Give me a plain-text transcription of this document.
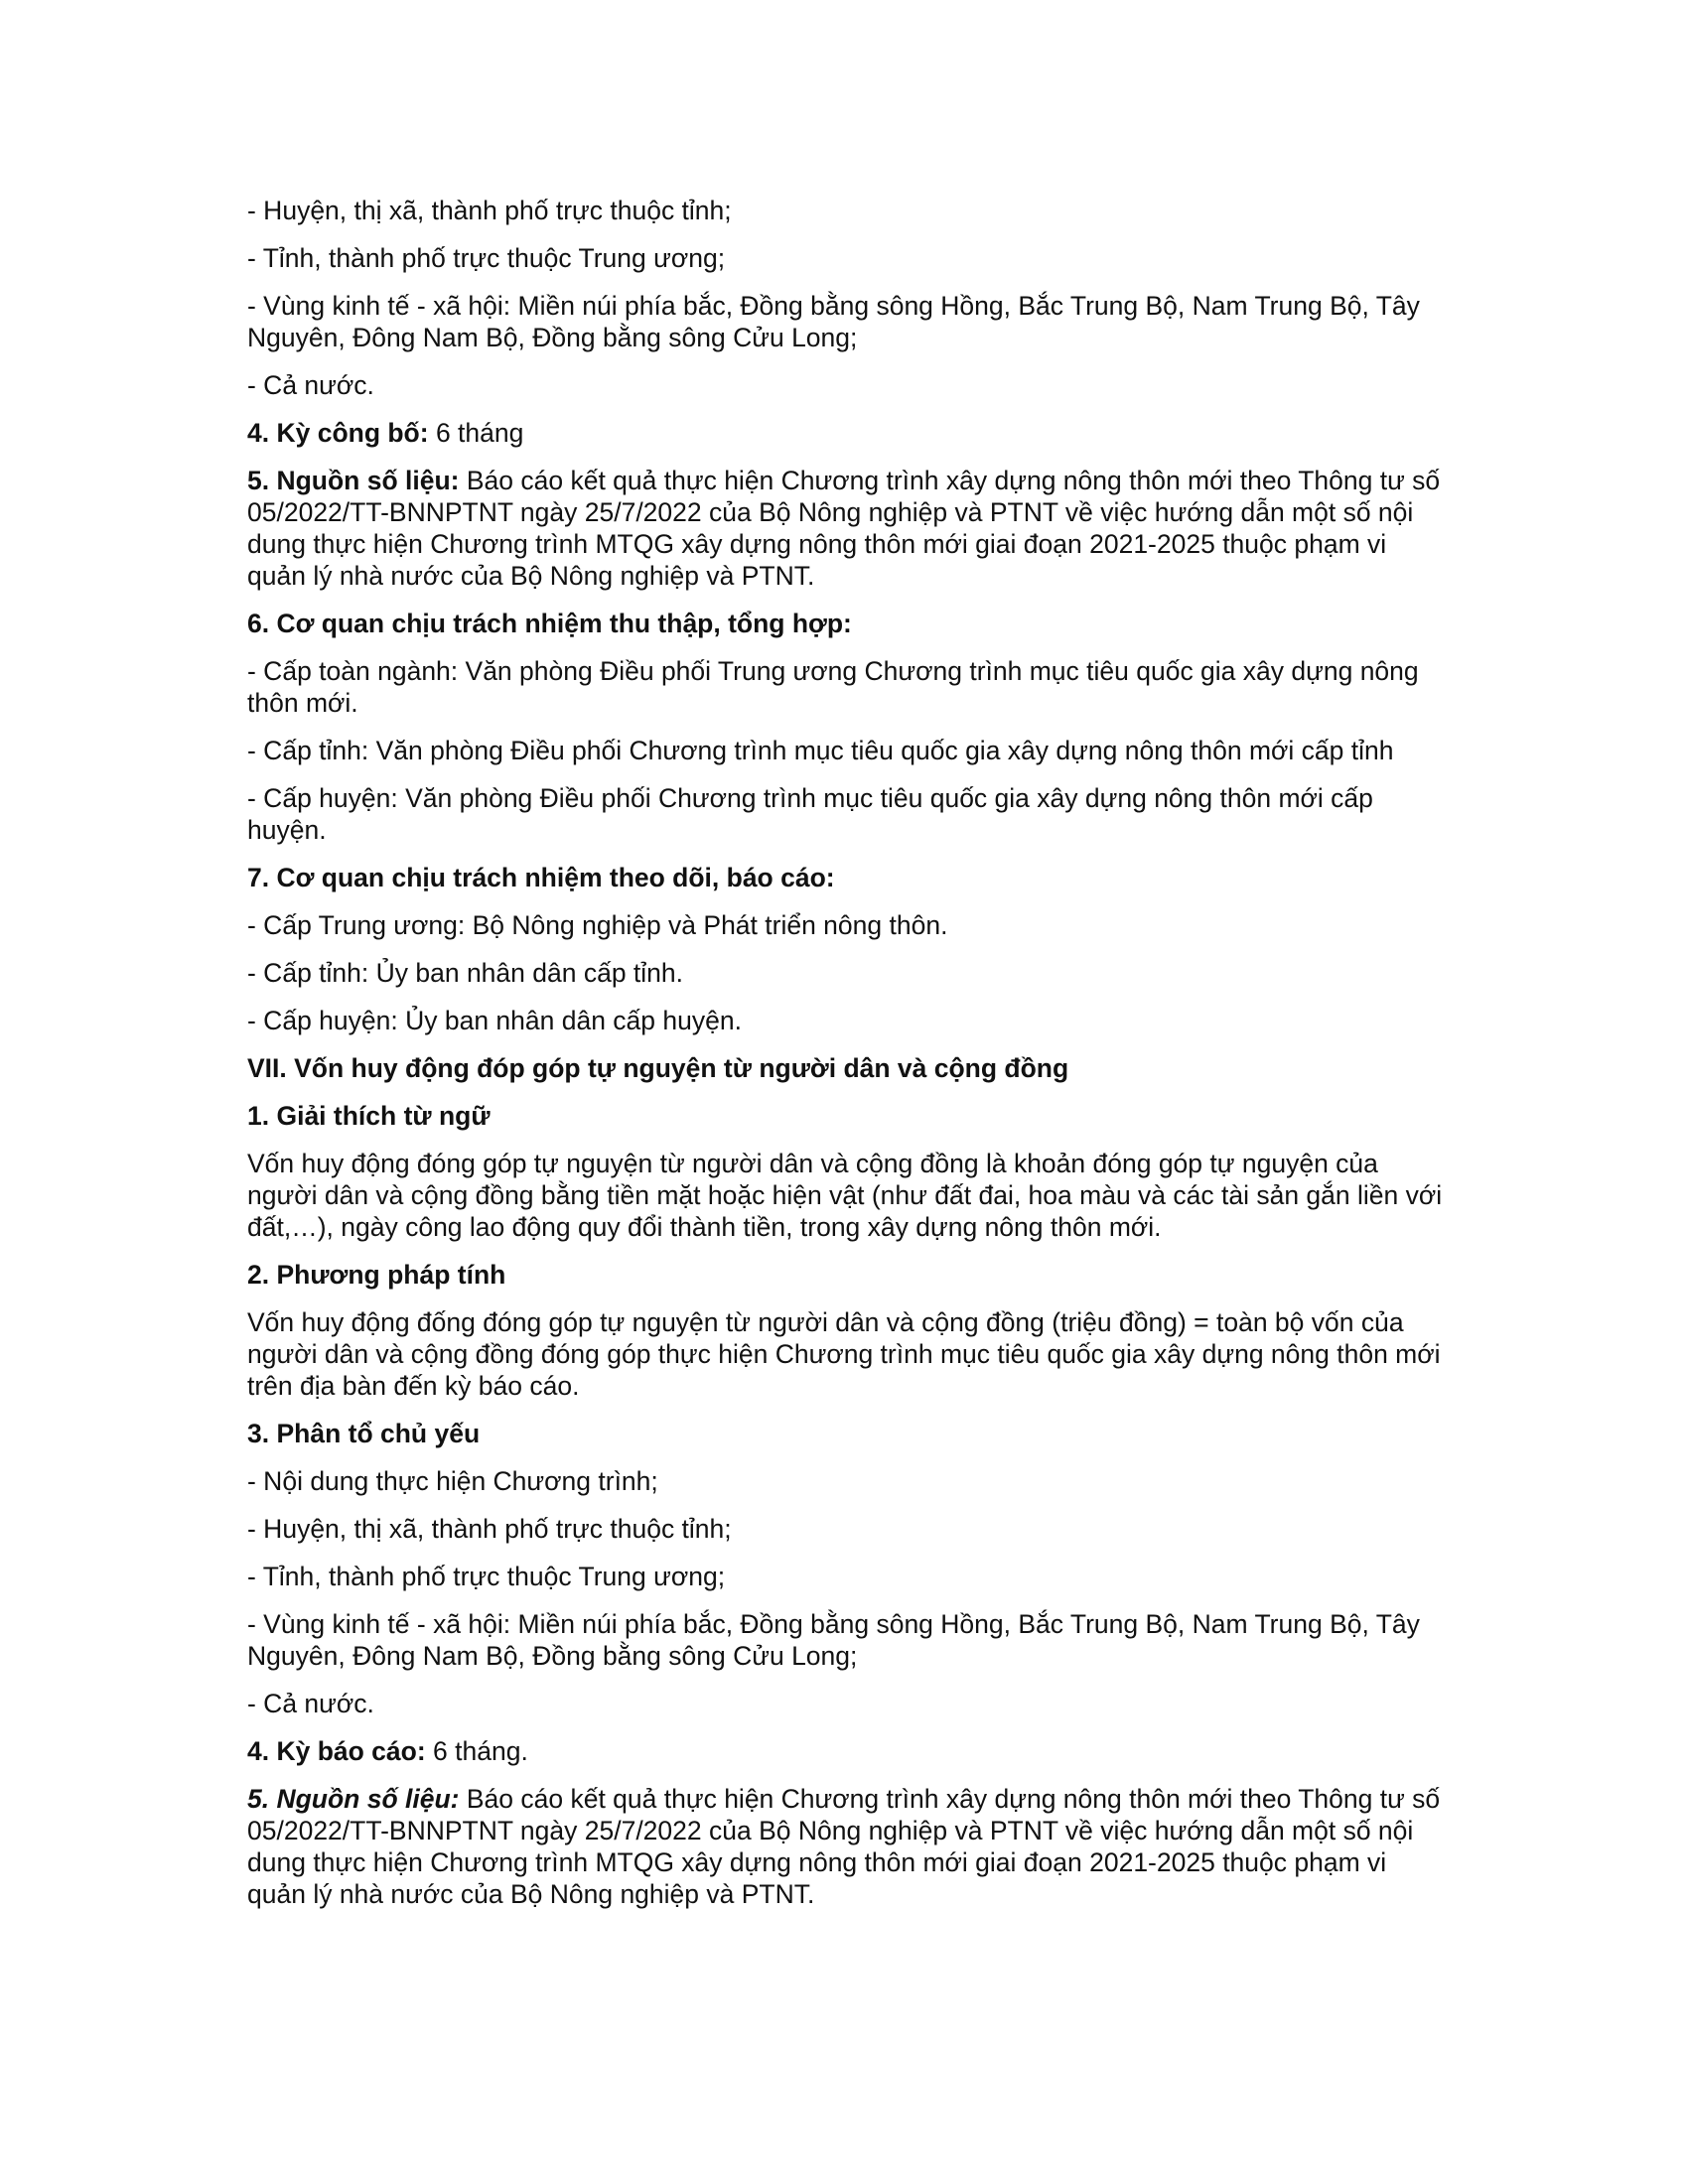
- Huyện, thị xã, thành phố trực thuộc tỉnh;

- Tỉnh, thành phố trực thuộc Trung ương;

- Vùng kinh tế - xã hội: Miền núi phía bắc, Đồng bằng sông Hồng, Bắc Trung Bộ, Nam Trung Bộ, Tây Nguyên, Đông Nam Bộ, Đồng bằng sông Cửu Long;

- Cả nước.

4. Kỳ công bố: 6 tháng

5. Nguồn số liệu: Báo cáo kết quả thực hiện Chương trình xây dựng nông thôn mới theo Thông tư số 05/2022/TT-BNNPTNT ngày 25/7/2022 của Bộ Nông nghiệp và PTNT về việc hướng dẫn một số nội dung thực hiện Chương trình MTQG xây dựng nông thôn mới giai đoạn 2021-2025 thuộc phạm vi quản lý nhà nước của Bộ Nông nghiệp và PTNT.

6. Cơ quan chịu trách nhiệm thu thập, tổng hợp:

- Cấp toàn ngành: Văn phòng Điều phối Trung ương Chương trình mục tiêu quốc gia xây dựng nông thôn mới.

- Cấp tỉnh: Văn phòng Điều phối Chương trình mục tiêu quốc gia xây dựng nông thôn mới cấp tỉnh

- Cấp huyện: Văn phòng Điều phối Chương trình mục tiêu quốc gia xây dựng nông thôn mới cấp huyện.

7. Cơ quan chịu trách nhiệm theo dõi, báo cáo:

- Cấp Trung ương: Bộ Nông nghiệp và Phát triển nông thôn.

- Cấp tỉnh: Ủy ban nhân dân cấp tỉnh.

- Cấp huyện: Ủy ban nhân dân cấp huyện.

VII. Vốn huy động đóp góp tự nguyện từ người dân và cộng đồng

1. Giải thích từ ngữ

Vốn huy động đóng góp tự nguyện từ người dân và cộng đồng là khoản đóng góp tự nguyện của người dân và cộng đồng bằng tiền mặt hoặc hiện vật (như đất đai, hoa màu và các tài sản gắn liền với đất,…), ngày công lao động quy đổi thành tiền, trong xây dựng nông thôn mới.

2. Phương pháp tính

Vốn huy động đống đóng góp tự nguyện từ người dân và cộng đồng (triệu đồng) = toàn bộ vốn của người dân và cộng đồng đóng góp thực hiện Chương trình mục tiêu quốc gia xây dựng nông thôn mới trên địa bàn đến kỳ báo cáo.

3. Phân tổ chủ yếu

- Nội dung thực hiện Chương trình;

- Huyện, thị xã, thành phố trực thuộc tỉnh;

- Tỉnh, thành phố trực thuộc Trung ương;

- Vùng kinh tế - xã hội: Miền núi phía bắc, Đồng bằng sông Hồng, Bắc Trung Bộ, Nam Trung Bộ, Tây Nguyên, Đông Nam Bộ, Đồng bằng sông Cửu Long;

- Cả nước.

4. Kỳ báo cáo: 6 tháng.

5. Nguồn số liệu: Báo cáo kết quả thực hiện Chương trình xây dựng nông thôn mới theo Thông tư số 05/2022/TT-BNNPTNT ngày 25/7/2022 của Bộ Nông nghiệp và PTNT về việc hướng dẫn một số nội dung thực hiện Chương trình MTQG xây dựng nông thôn mới giai đoạn 2021-2025 thuộc phạm vi quản lý nhà nước của Bộ Nông nghiệp và PTNT.
